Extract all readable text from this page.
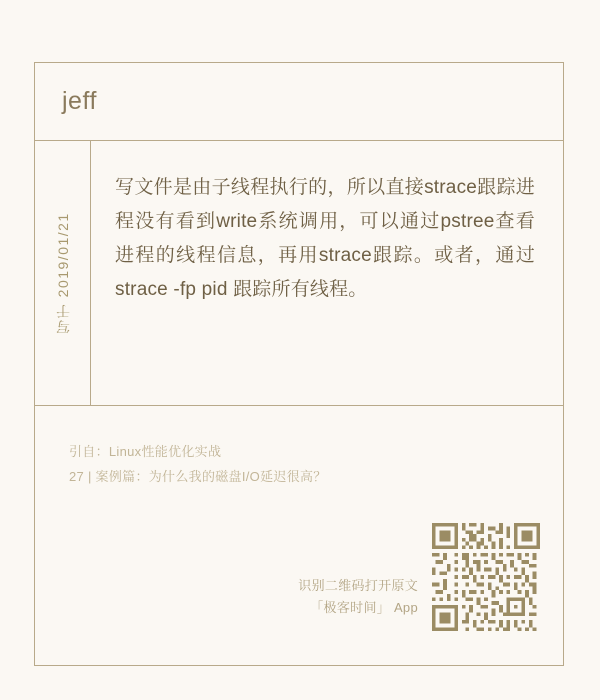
jeff
写于 2019/01/21
写文件是由子线程执行的，所以直接strace跟踪进程没有看到write系统调用，可以通过pstree查看进程的线程信息，再用strace跟踪。或者，通过strace -fp pid 跟踪所有线程。
引自：Linux性能优化实战
27 | 案例篇：为什么我的磁盘I/O延迟很高？
识别二维码打开原文
「极客时间」 App
